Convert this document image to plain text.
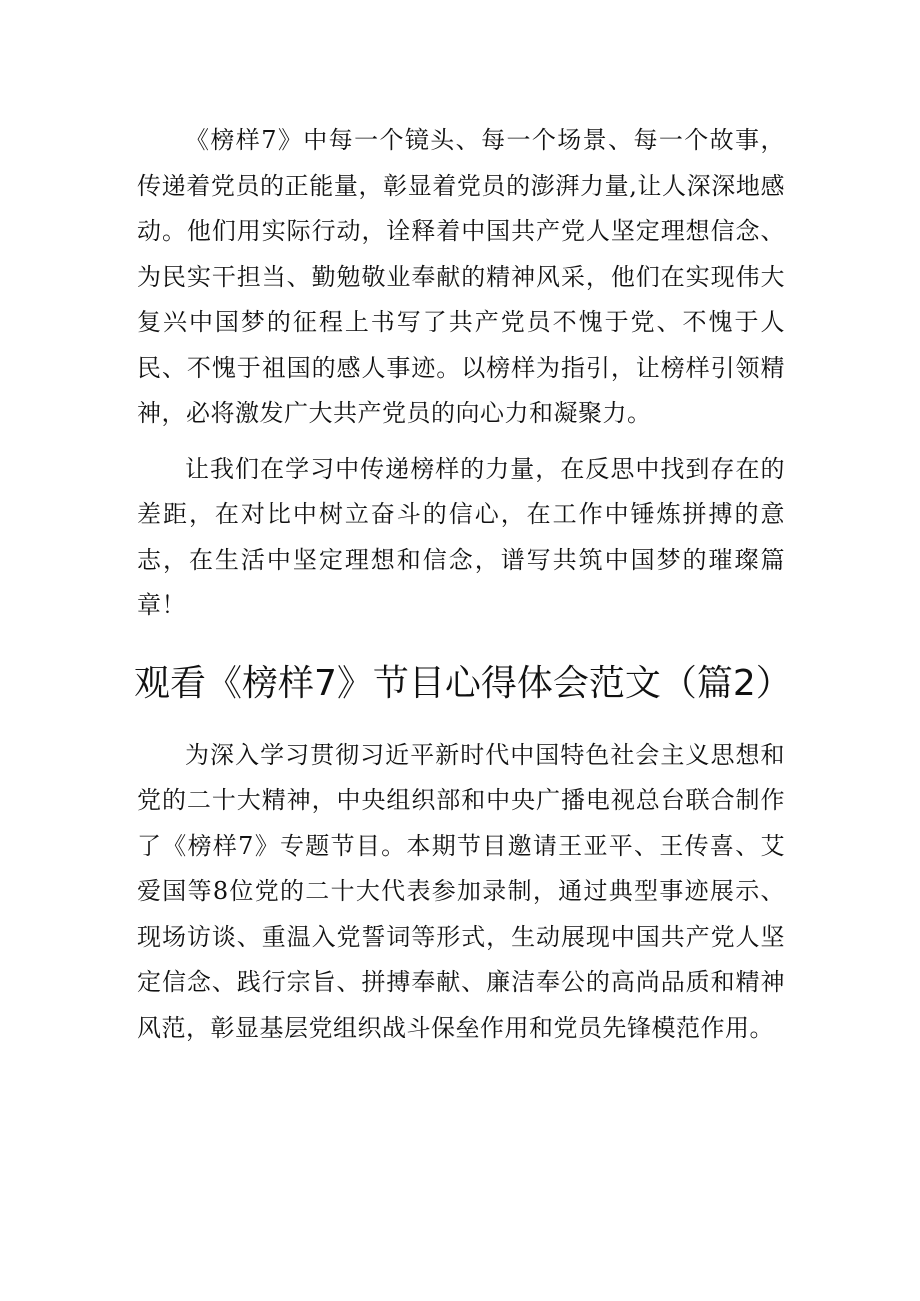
《榜样7》中每一个镜头、每一个场景、每一个故事，传递着党员的正能量，彰显着党员的澎湃力量,让人深深地感动。他们用实际行动，诠释着中国共产党人坚定理想信念、为民实干担当、勤勉敬业奉献的精神风采，他们在实现伟大复兴中国梦的征程上书写了共产党员不愧于党、不愧于人民、不愧于祖国的感人事迹。以榜样为指引，让榜样引领精神，必将激发广大共产党员的向心力和凝聚力。

让我们在学习中传递榜样的力量，在反思中找到存在的差距，在对比中树立奋斗的信心，在工作中锤炼拼搏的意志，在生活中坚定理想和信念，谱写共筑中国梦的璀璨篇章！

观看《榜样7》节目心得体会范文（篇2）

为深入学习贯彻习近平新时代中国特色社会主义思想和党的二十大精神，中央组织部和中央广播电视总台联合制作了《榜样7》专题节目。本期节目邀请王亚平、王传喜、艾爱国等8位党的二十大代表参加录制，通过典型事迹展示、现场访谈、重温入党誓词等形式，生动展现中国共产党人坚定信念、践行宗旨、拼搏奉献、廉洁奉公的高尚品质和精神风范，彰显基层党组织战斗保垒作用和党员先锋模范作用。
